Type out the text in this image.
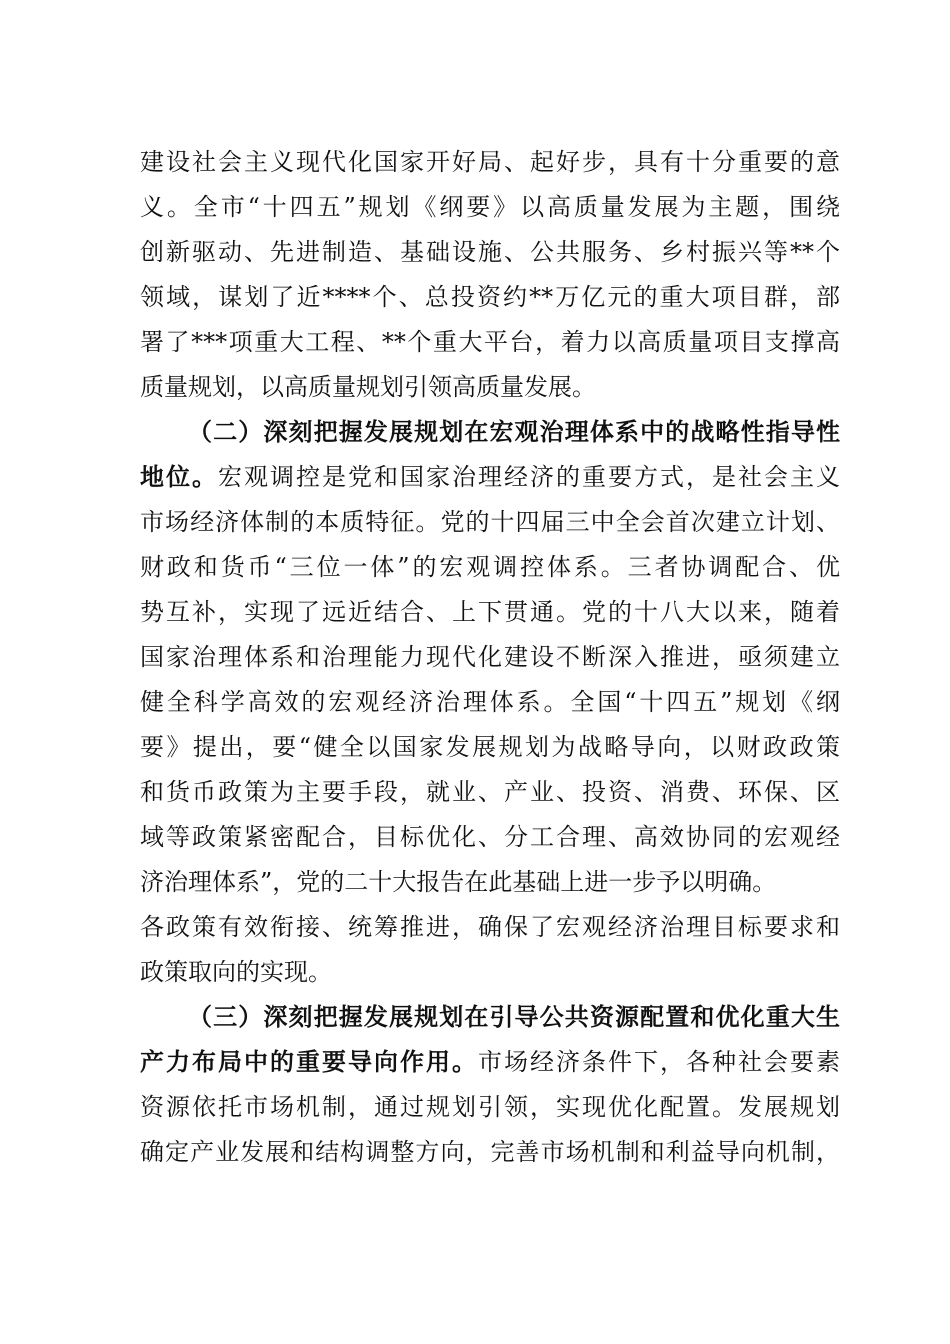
建设社会主义现代化国家开好局、起好步，具有十分重要的意
义。全市“十四五”规划《纲要》以高质量发展为主题，围绕
创新驱动、先进制造、基础设施、公共服务、乡村振兴等**个
领域，谋划了近****个、总投资约**万亿元的重大项目群，部
署了***项重大工程、**个重大平台，着力以高质量项目支撑高
质量规划，以高质量规划引领高质量发展。
（二）深刻把握发展规划在宏观治理体系中的战略性指导性
地位。宏观调控是党和国家治理经济的重要方式，是社会主义
市场经济体制的本质特征。党的十四届三中全会首次建立计划、
财政和货币“三位一体”的宏观调控体系。三者协调配合、优
势互补，实现了远近结合、上下贯通。党的十八大以来，随着
国家治理体系和治理能力现代化建设不断深入推进，亟须建立
健全科学高效的宏观经济治理体系。全国“十四五”规划《纲
要》提出，要“健全以国家发展规划为战略导向，以财政政策
和货币政策为主要手段，就业、产业、投资、消费、环保、区
域等政策紧密配合，目标优化、分工合理、高效协同的宏观经
济治理体系”，党的二十大报告在此基础上进一步予以明确。
各政策有效衔接、统筹推进，确保了宏观经济治理目标要求和
政策取向的实现。
（三）深刻把握发展规划在引导公共资源配置和优化重大生
产力布局中的重要导向作用。市场经济条件下，各种社会要素
资源依托市场机制，通过规划引领，实现优化配置。发展规划
确定产业发展和结构调整方向，完善市场机制和利益导向机制，
